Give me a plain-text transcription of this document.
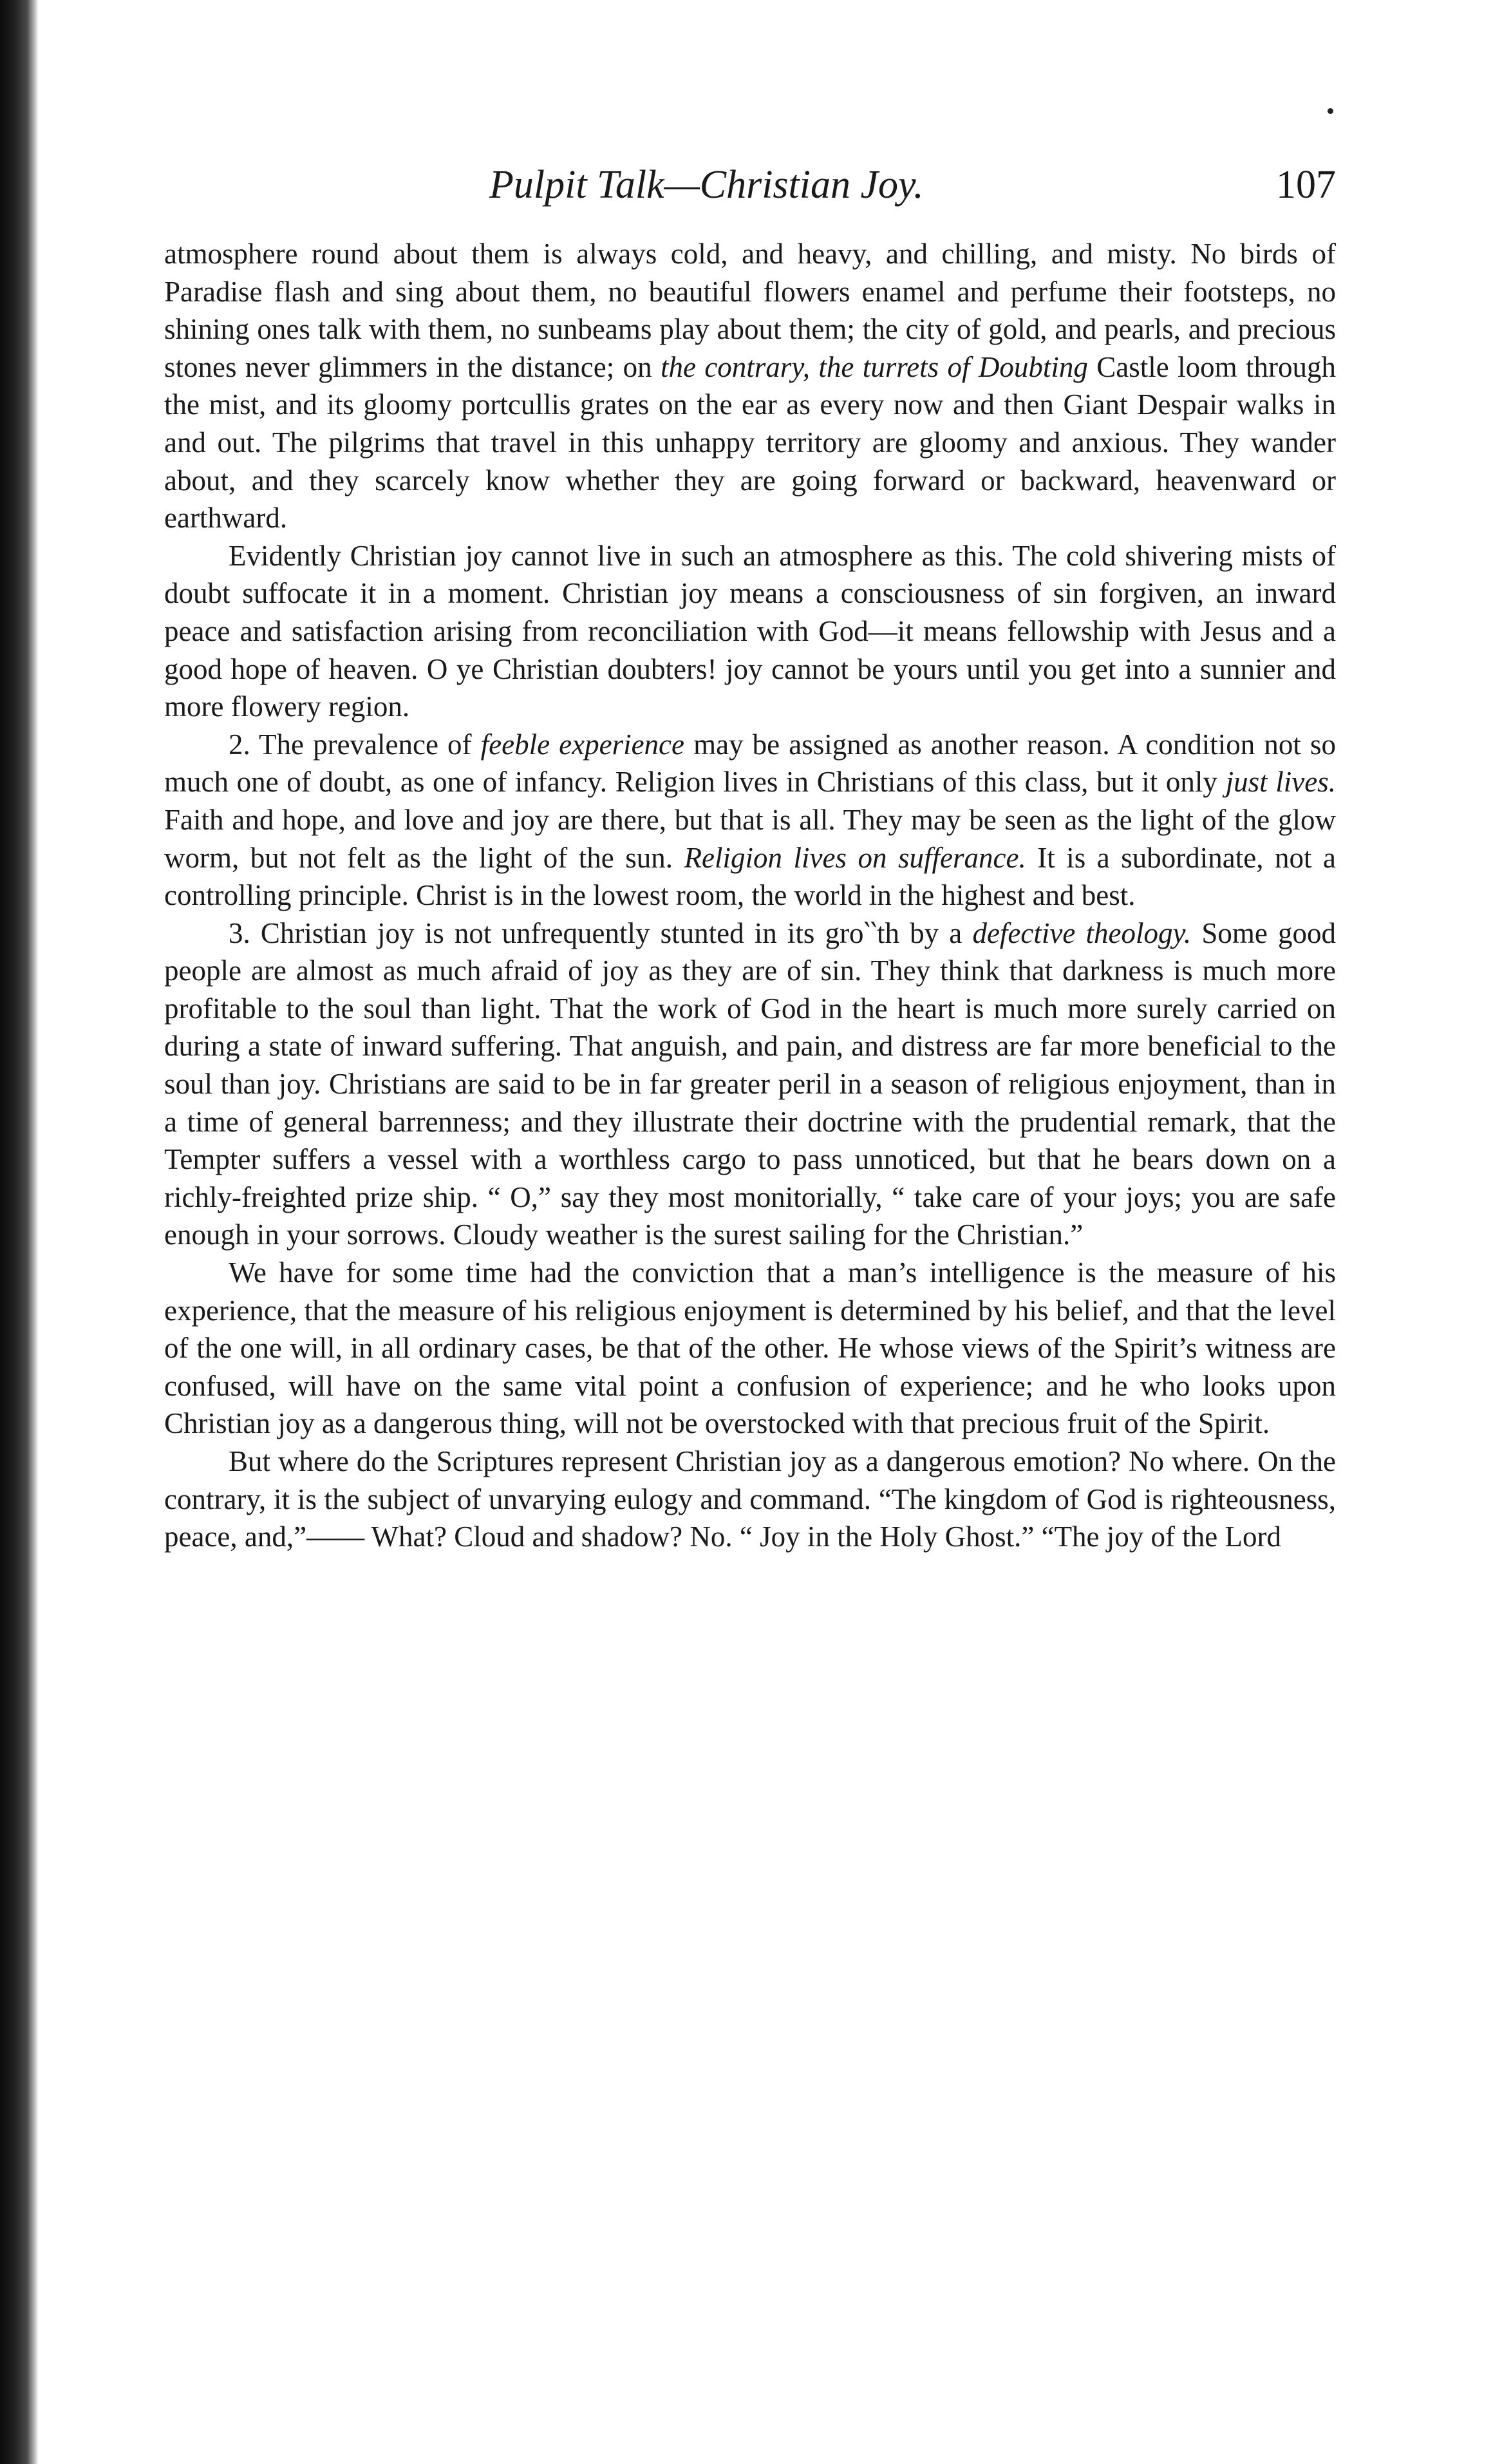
Pulpit Talk—Christian Joy.	107

atmosphere round about them is always cold, and heavy, and chilling, and misty. No birds of Paradise flash and sing about them, no beautiful flowers enamel and perfume their footsteps, no shining ones talk with them, no sunbeams play about them; the city of gold, and pearls, and precious stones never glimmers in the distance; on the contrary, the turrets of Doubting Castle loom through the mist, and its gloomy portcullis grates on the ear as every now and then Giant Despair walks in and out. The pilgrims that travel in this unhappy territory are gloomy and anxious. They wander about, and they scarcely know whether they are going forward or backward, heavenward or earthward.

Evidently Christian joy cannot live in such an atmosphere as this. The cold shivering mists of doubt suffocate it in a moment. Christian joy means a consciousness of sin forgiven, an inward peace and satisfaction arising from reconciliation with God—it means fellowship with Jesus and a good hope of heaven. O ye Christian doubters! joy cannot be yours until you get into a sunnier and more flowery region.

2. The prevalence of feeble experience may be assigned as another reason. A condition not so much one of doubt, as one of infancy. Religion lives in Christians of this class, but it only just lives. Faith and hope, and love and joy are there, but that is all. They may be seen as the light of the glow worm, but not felt as the light of the sun. Religion lives on sufferance. It is a subordinate, not a controlling principle. Christ is in the lowest room, the world in the highest and best.

3. Christian joy is not unfrequently stunted in its gro‵‵th by a defective theology. Some good people are almost as much afraid of joy as they are of sin. They think that darkness is much more profitable to the soul than light. That the work of God in the heart is much more surely carried on during a state of inward suffering. That anguish, and pain, and distress are far more beneficial to the soul than joy. Christians are said to be in far greater peril in a season of religious enjoyment, than in a time of general barrenness; and they illustrate their doctrine with the prudential remark, that the Tempter suffers a vessel with a worthless cargo to pass unnoticed, but that he bears down on a richly-freighted prize ship. “ O,” say they most monitorially, “ take care of your joys; you are safe enough in your sorrows. Cloudy weather is the surest sailing for the Christian.”

We have for some time had the conviction that a man’s intelligence is the measure of his experience, that the measure of his religious enjoyment is determined by his belief, and that the level of the one will, in all ordinary cases, be that of the other. He whose views of the Spirit’s witness are confused, will have on the same vital point a confusion of experience; and he who looks upon Christian joy as a dangerous thing, will not be overstocked with that precious fruit of the Spirit.

But where do the Scriptures represent Christian joy as a dangerous emotion? No where. On the contrary, it is the subject of unvarying eulogy and command. “The kingdom of God is righteousness, peace, and,”—— What? Cloud and shadow? No. “ Joy in the Holy Ghost.” “The joy of the Lord
